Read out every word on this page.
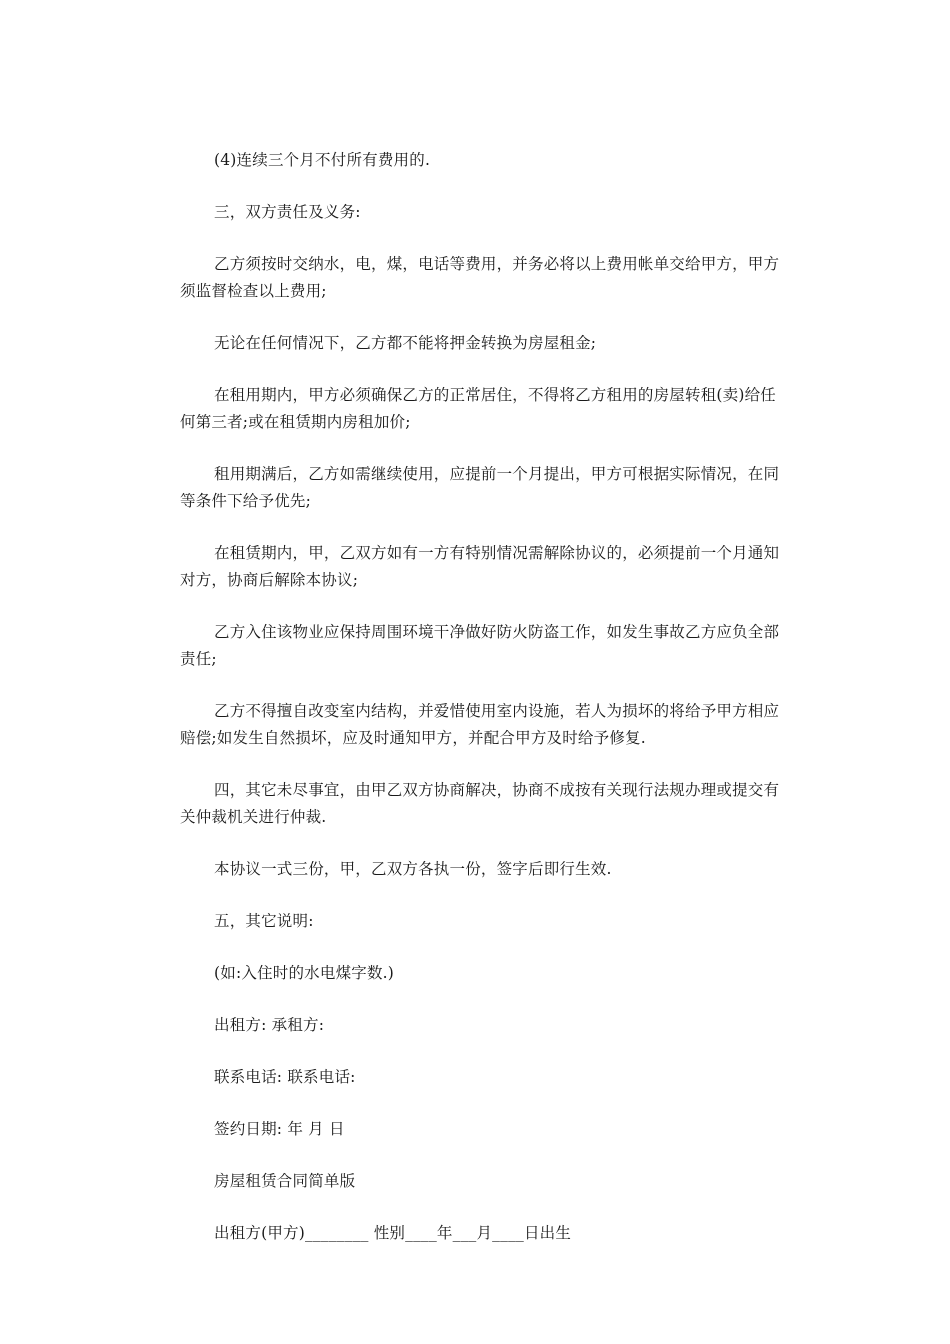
(4)连续三个月不付所有费用的.

三，双方责任及义务:

乙方须按时交纳水，电，煤，电话等费用，并务必将以上费用帐单交给甲方，甲方须监督检查以上费用;

无论在任何情况下，乙方都不能将押金转换为房屋租金;

在租用期内，甲方必须确保乙方的正常居住，不得将乙方租用的房屋转租(卖)给任何第三者;或在租赁期内房租加价;

租用期满后，乙方如需继续使用，应提前一个月提出，甲方可根据实际情况，在同等条件下给予优先;

在租赁期内，甲，乙双方如有一方有特别情况需解除协议的，必须提前一个月通知对方，协商后解除本协议;

乙方入住该物业应保持周围环境干净做好防火防盗工作，如发生事故乙方应负全部责任;

乙方不得擅自改变室内结构，并爱惜使用室内设施，若人为损坏的将给予甲方相应赔偿;如发生自然损坏，应及时通知甲方，并配合甲方及时给予修复.

四，其它未尽事宜，由甲乙双方协商解决，协商不成按有关现行法规办理或提交有关仲裁机关进行仲裁.

本协议一式三份，甲，乙双方各执一份，签字后即行生效.

五，其它说明:

(如:入住时的水电煤字数.)

出租方: 承租方:

联系电话: 联系电话:

签约日期: 年 月 日

房屋租赁合同简单版

出租方(甲方)________ 性别____年___月____日出生
